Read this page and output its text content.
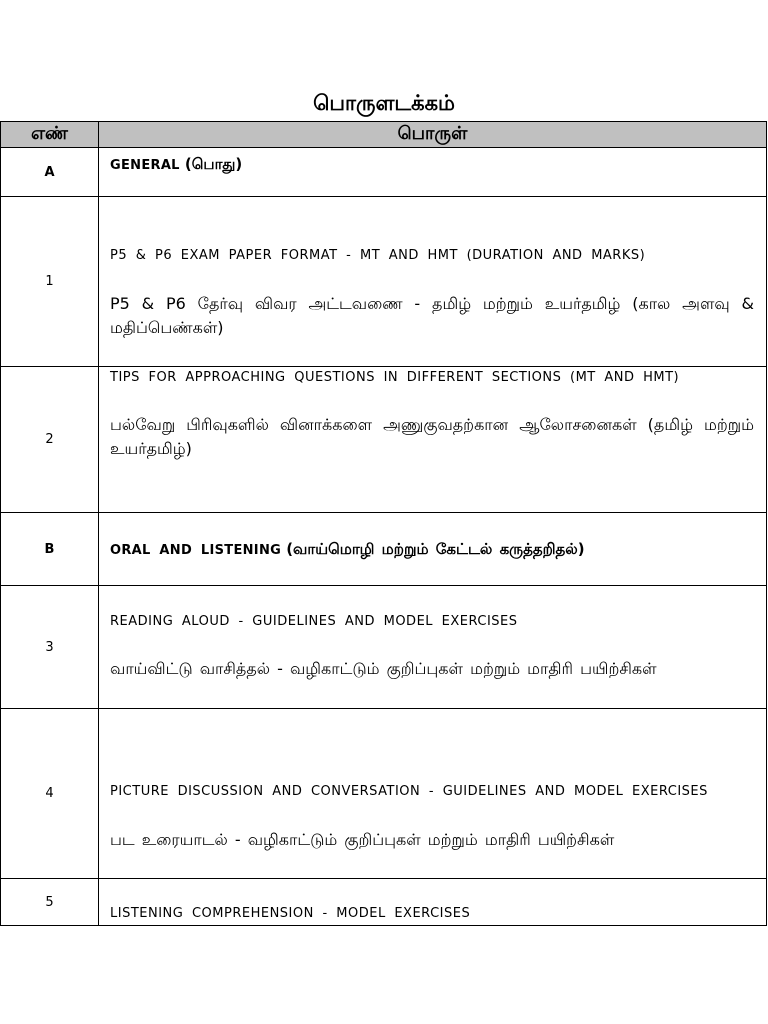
பொருளடக்கம்
எண்	பொருள்
A	GENERAL (பொது)

1	P5 & P6 EXAM PAPER FORMAT - MT AND HMT (DURATION AND MARKS)
P5 & P6 தேர்வு விவர அட்டவணை - தமிழ் மற்றும் உயர்தமிழ் (கால அளவு & மதிப்பெண்கள்)

2	TIPS FOR APPROACHING QUESTIONS IN DIFFERENT SECTIONS (MT AND HMT)
பல்வேறு பிரிவுகளில் வினாக்களை அணுகுவதற்கான ஆலோசனைகள் (தமிழ் மற்றும் உயர்தமிழ்)

B	ORAL AND LISTENING (வாய்மொழி மற்றும் கேட்டல் கருத்தறிதல்)

3	READING ALOUD - GUIDELINES AND MODEL EXERCISES
வாய்விட்டு வாசித்தல் - வழிகாட்டும் குறிப்புகள் மற்றும் மாதிரி பயிற்சிகள்

4	PICTURE DISCUSSION AND CONVERSATION - GUIDELINES AND MODEL EXERCISES
பட உரையாடல் - வழிகாட்டும் குறிப்புகள் மற்றும் மாதிரி பயிற்சிகள்

5	LISTENING COMPREHENSION - MODEL EXERCISES
